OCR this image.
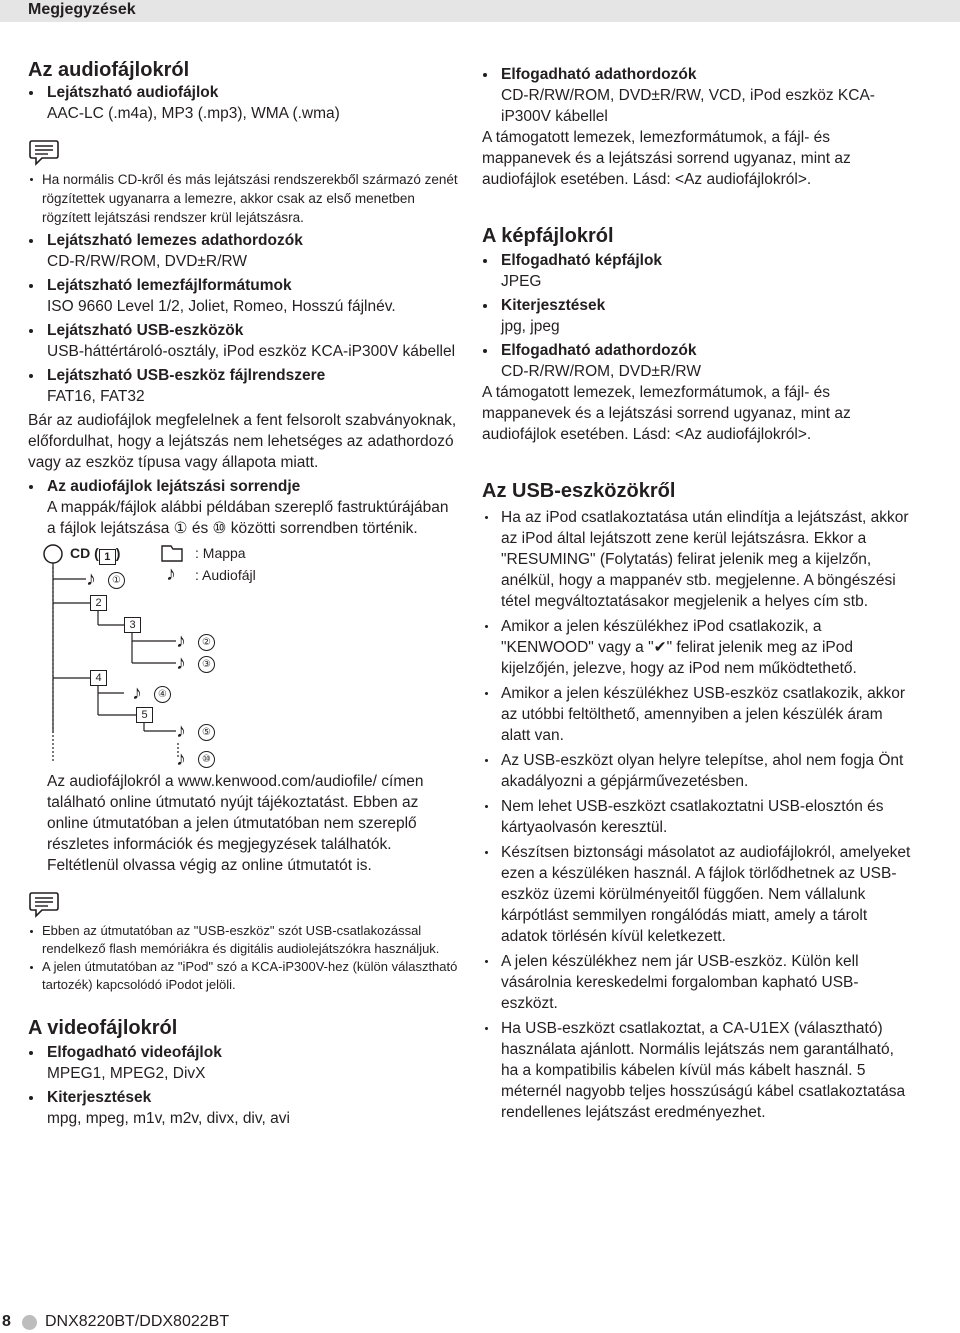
Megjegyzések
Az audiofájlokról
Lejátszható audiofájlok
AAC-LC (.m4a), MP3 (.mp3), WMA (.wma)
Ha normális CD-kről és más lejátszási rendszerekből származó zenét rögzítettek ugyanarra a lemezre, akkor csak az első menetben rögzített lejátszási rendszer krül lejátszásra.
Lejátszható lemezes adathordozók
CD-R/RW/ROM, DVD±R/RW
Lejátszható lemezfájlformátumok
ISO 9660 Level 1/2, Joliet, Romeo, Hosszú fájlnév.
Lejátszható USB-eszközök
USB-háttértároló-osztály, iPod eszköz KCA-iP300V kábellel
Lejátszható USB-eszköz fájlrendszere
FAT16, FAT32
Bár az audiofájlok megfelelnek a fent felsorolt szabványoknak, előfordulhat, hogy a lejátszás nem lehetséges az adathordozó vagy az eszköz típusa vagy állapota miatt.
Az audiofájlok lejátszási sorrendje
A mappák/fájlok alábbi példában szereplő fastruktúrájában a fájlok lejátszása ① és ⑩ közötti sorrendben történik.
CD ( 1 )	: Mappa
♪ : Audiofájl
♪	①
2
3
♪	②
♪	③
4
♪	④
5
♪	⑤
♪	⑩
Az audiofájlokról a www.kenwood.com/audiofile/ címen található online útmutató nyújt tájékoztatást. Ebben az online útmutatóban a jelen útmutatóban nem szereplő részletes információk és megjegyzések találhatók. Feltétlenül olvassa végig az online útmutatót is.
Ebben az útmutatóban az "USB-eszköz" szót USB-csatlakozással rendelkező flash memóriákra és digitális audiolejátszókra használjuk.
A jelen útmutatóban az "iPod" szó a KCA-iP300V-hez (külön választható tartozék) kapcsolódó iPodot jelöli.
A videofájlokról
Elfogadható videofájlok
MPEG1, MPEG2, DivX
Kiterjesztések
mpg, mpeg, m1v, m2v, divx, div, avi
Elfogadható adathordozók
CD-R/RW/ROM, DVD±R/RW, VCD, iPod eszköz KCA-iP300V kábellel
A támogatott lemezek, lemezformátumok, a fájl- és mappanevek és a lejátszási sorrend ugyanaz, mint az audiofájlok esetében. Lásd: <Az audiofájlokról>.
A képfájlokról
Elfogadható képfájlok
JPEG
Kiterjesztések
jpg, jpeg
Elfogadható adathordozók
CD-R/RW/ROM, DVD±R/RW
A támogatott lemezek, lemezformátumok, a fájl- és mappanevek és a lejátszási sorrend ugyanaz, mint az audiofájlok esetében. Lásd: <Az audiofájlokról>.
Az USB-eszközökről
Ha az iPod csatlakoztatása után elindítja a lejátszást, akkor az iPod által lejátszott zene kerül lejátszásra. Ekkor a "RESUMING" (Folytatás) felirat jelenik meg a kijelzőn, anélkül, hogy a mappanév stb. megjelenne. A böngészési tétel megváltoztatásakor megjelenik a helyes cím stb.
Amikor a jelen készülékhez iPod csatlakozik, a "KENWOOD" vagy a "✔" felirat jelenik meg az iPod kijelzőjén, jelezve, hogy az iPod nem működtethető.
Amikor a jelen készülékhez USB-eszköz csatlakozik, akkor az utóbbi feltölthető, amennyiben a jelen készülék áram alatt van.
Az USB-eszközt olyan helyre telepítse, ahol nem fogja Önt akadályozni a gépjárművezetésben.
Nem lehet USB-eszközt csatlakoztatni USB-elosztón és kártyaolvasón keresztül.
Készítsen biztonsági másolatot az audiofájlokról, amelyeket ezen a készüléken használ. A fájlok törlődhetnek az USB-eszköz üzemi körülményeitől függően. Nem vállalunk kárpótlást semmilyen rongálódás miatt, amely a tárolt adatok törlésén kívül keletkezett.
A jelen készülékhez nem jár USB-eszköz. Külön kell vásárolnia kereskedelmi forgalomban kapható USB-eszközt.
Ha USB-eszközt csatlakoztat, a CA-U1EX (választható) használata ajánlott. Normális lejátszás nem garantálható, ha a kompatibilis kábelen kívül más kábelt használ. 5 méternél nagyobb teljes hosszúságú kábel csatlakoztatása rendellenes lejátszást eredményezhet.
8 DNX8220BT/DDX8022BT
